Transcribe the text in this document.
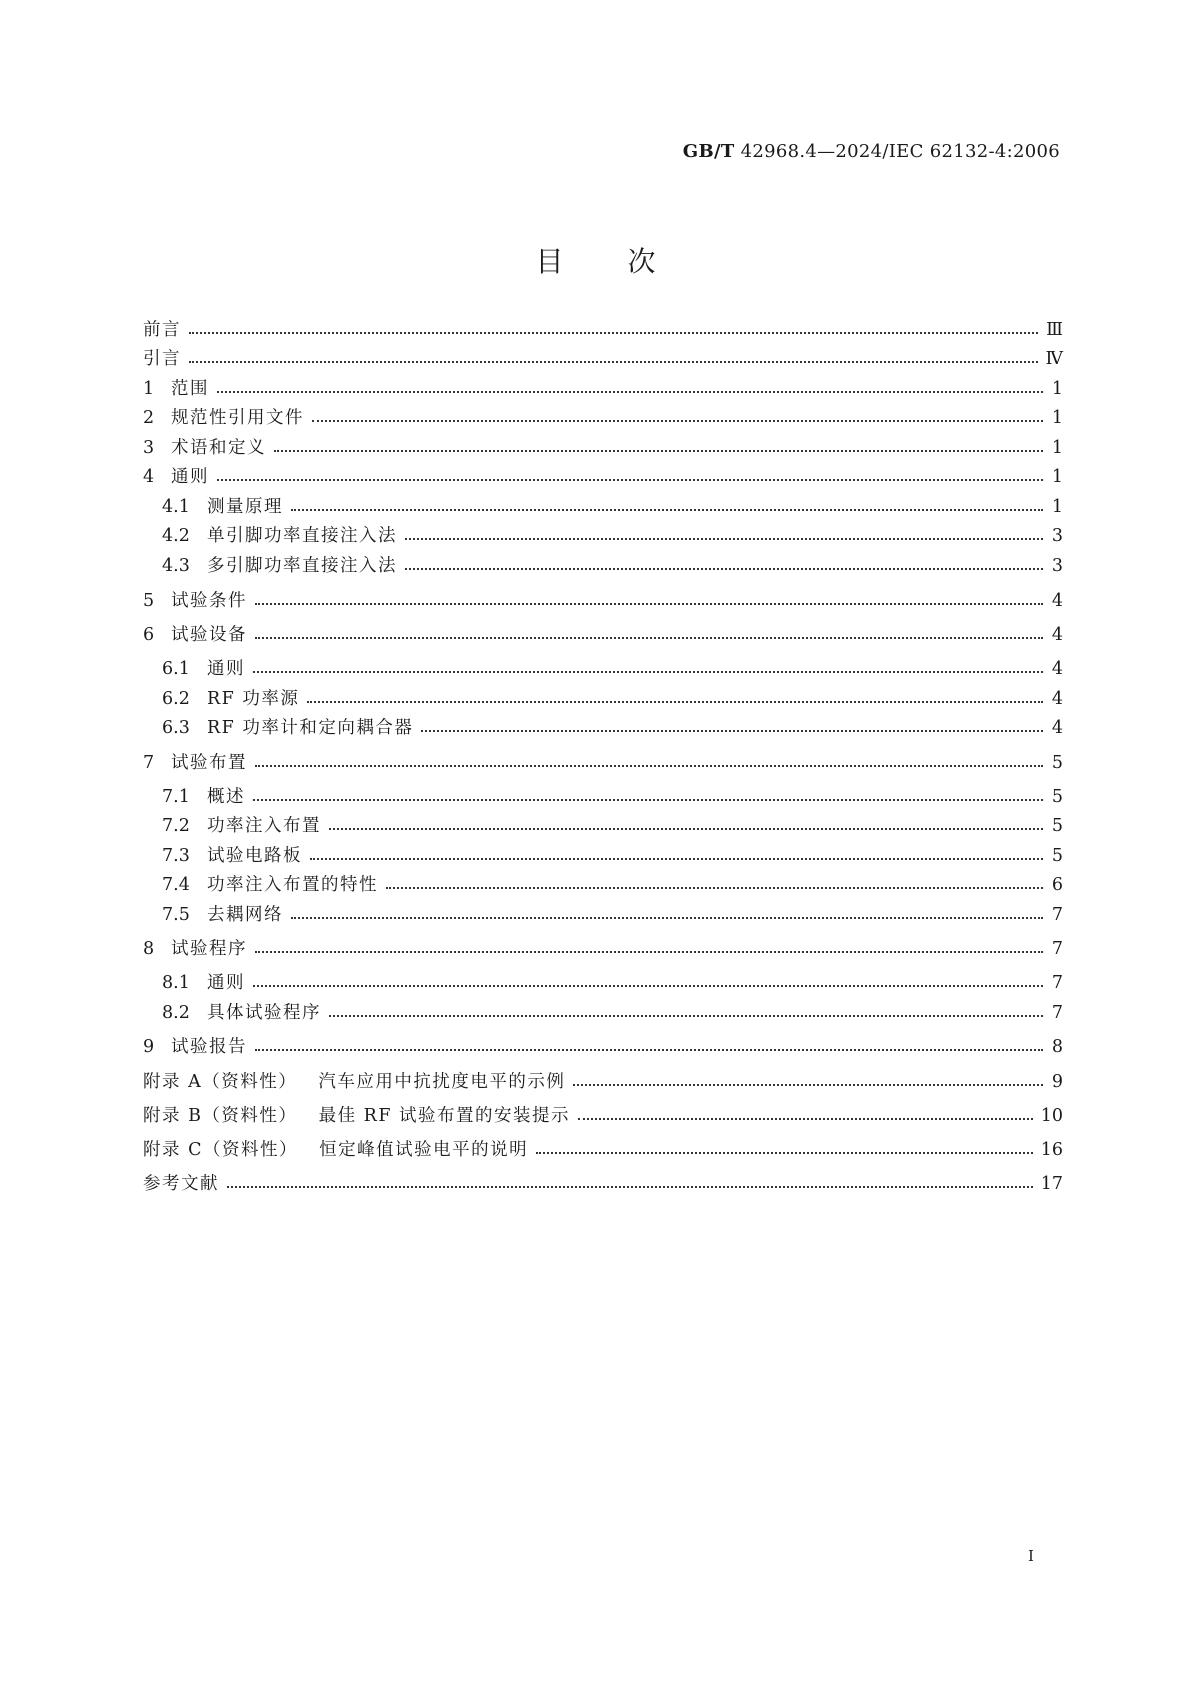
GB/T 42968.4—2024/IEC 62132-4:2006
目次
前言	Ⅲ
引言	Ⅳ
1 范围	1
2 规范性引用文件	1
3 术语和定义	1
4 通则	1
4.1 测量原理	1
4.2 单引脚功率直接注入法	3
4.3 多引脚功率直接注入法	3
5 试验条件	4
6 试验设备	4
6.1 通则	4
6.2 RF 功率源	4
6.3 RF 功率计和定向耦合器	4
7 试验布置	5
7.1 概述	5
7.2 功率注入布置	5
7.3 试验电路板	5
7.4 功率注入布置的特性	6
7.5 去耦网络	7
8 试验程序	7
8.1 通则	7
8.2 具体试验程序	7
9 试验报告	8
附录 A（资料性）   汽车应用中抗扰度电平的示例	9
附录 B（资料性）   最佳 RF 试验布置的安装提示	10
附录 C（资料性）   恒定峰值试验电平的说明	16
参考文献	17
I
